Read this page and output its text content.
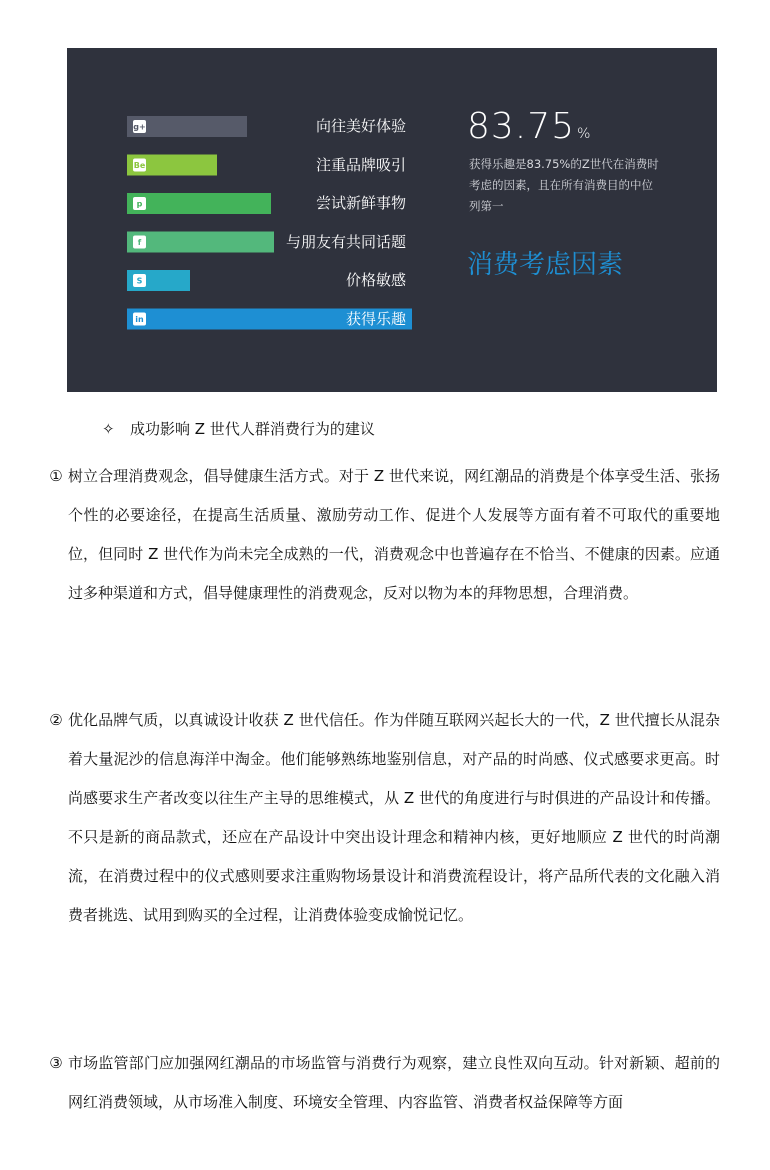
g+
Be
p
f
S
in
向往美好体验
注重品牌吸引
尝试新鲜事物
与朋友有共同话题
价格敏感
获得乐趣
83.75 %
获得乐趣是83.75%的Z世代在消费时考虑的因素，且在所有消费目的中位列第一
消费考虑因素
✧ 成功影响 Z 世代人群消费行为的建议
① 树立合理消费观念，倡导健康生活方式。对于 Z 世代来说，网红潮品的消费是个体享受生活、张扬个性的必要途径，在提高生活质量、激励劳动工作、促进个人发展等方面有着不可取代的重要地位，但同时 Z 世代作为尚未完全成熟的一代，消费观念中也普遍存在不恰当、不健康的因素。应通过多种渠道和方式，倡导健康理性的消费观念，反对以物为本的拜物思想，合理消费。
② 优化品牌气质，以真诚设计收获 Z 世代信任。作为伴随互联网兴起长大的一代，Z 世代擅长从混杂着大量泥沙的信息海洋中淘金。他们能够熟练地鉴别信息，对产品的时尚感、仪式感要求更高。时尚感要求生产者改变以往生产主导的思维模式，从 Z 世代的角度进行与时俱进的产品设计和传播。不只是新的商品款式，还应在产品设计中突出设计理念和精神内核，更好地顺应 Z 世代的时尚潮流，在消费过程中的仪式感则要求注重购物场景设计和消费流程设计，将产品所代表的文化融入消费者挑选、试用到购买的全过程，让消费体验变成愉悦记忆。
③ 市场监管部门应加强网红潮品的市场监管与消费行为观察，建立良性双向互动。针对新颖、超前的网红消费领域，从市场准入制度、环境安全管理、内容监管、消费者权益保障等方面
